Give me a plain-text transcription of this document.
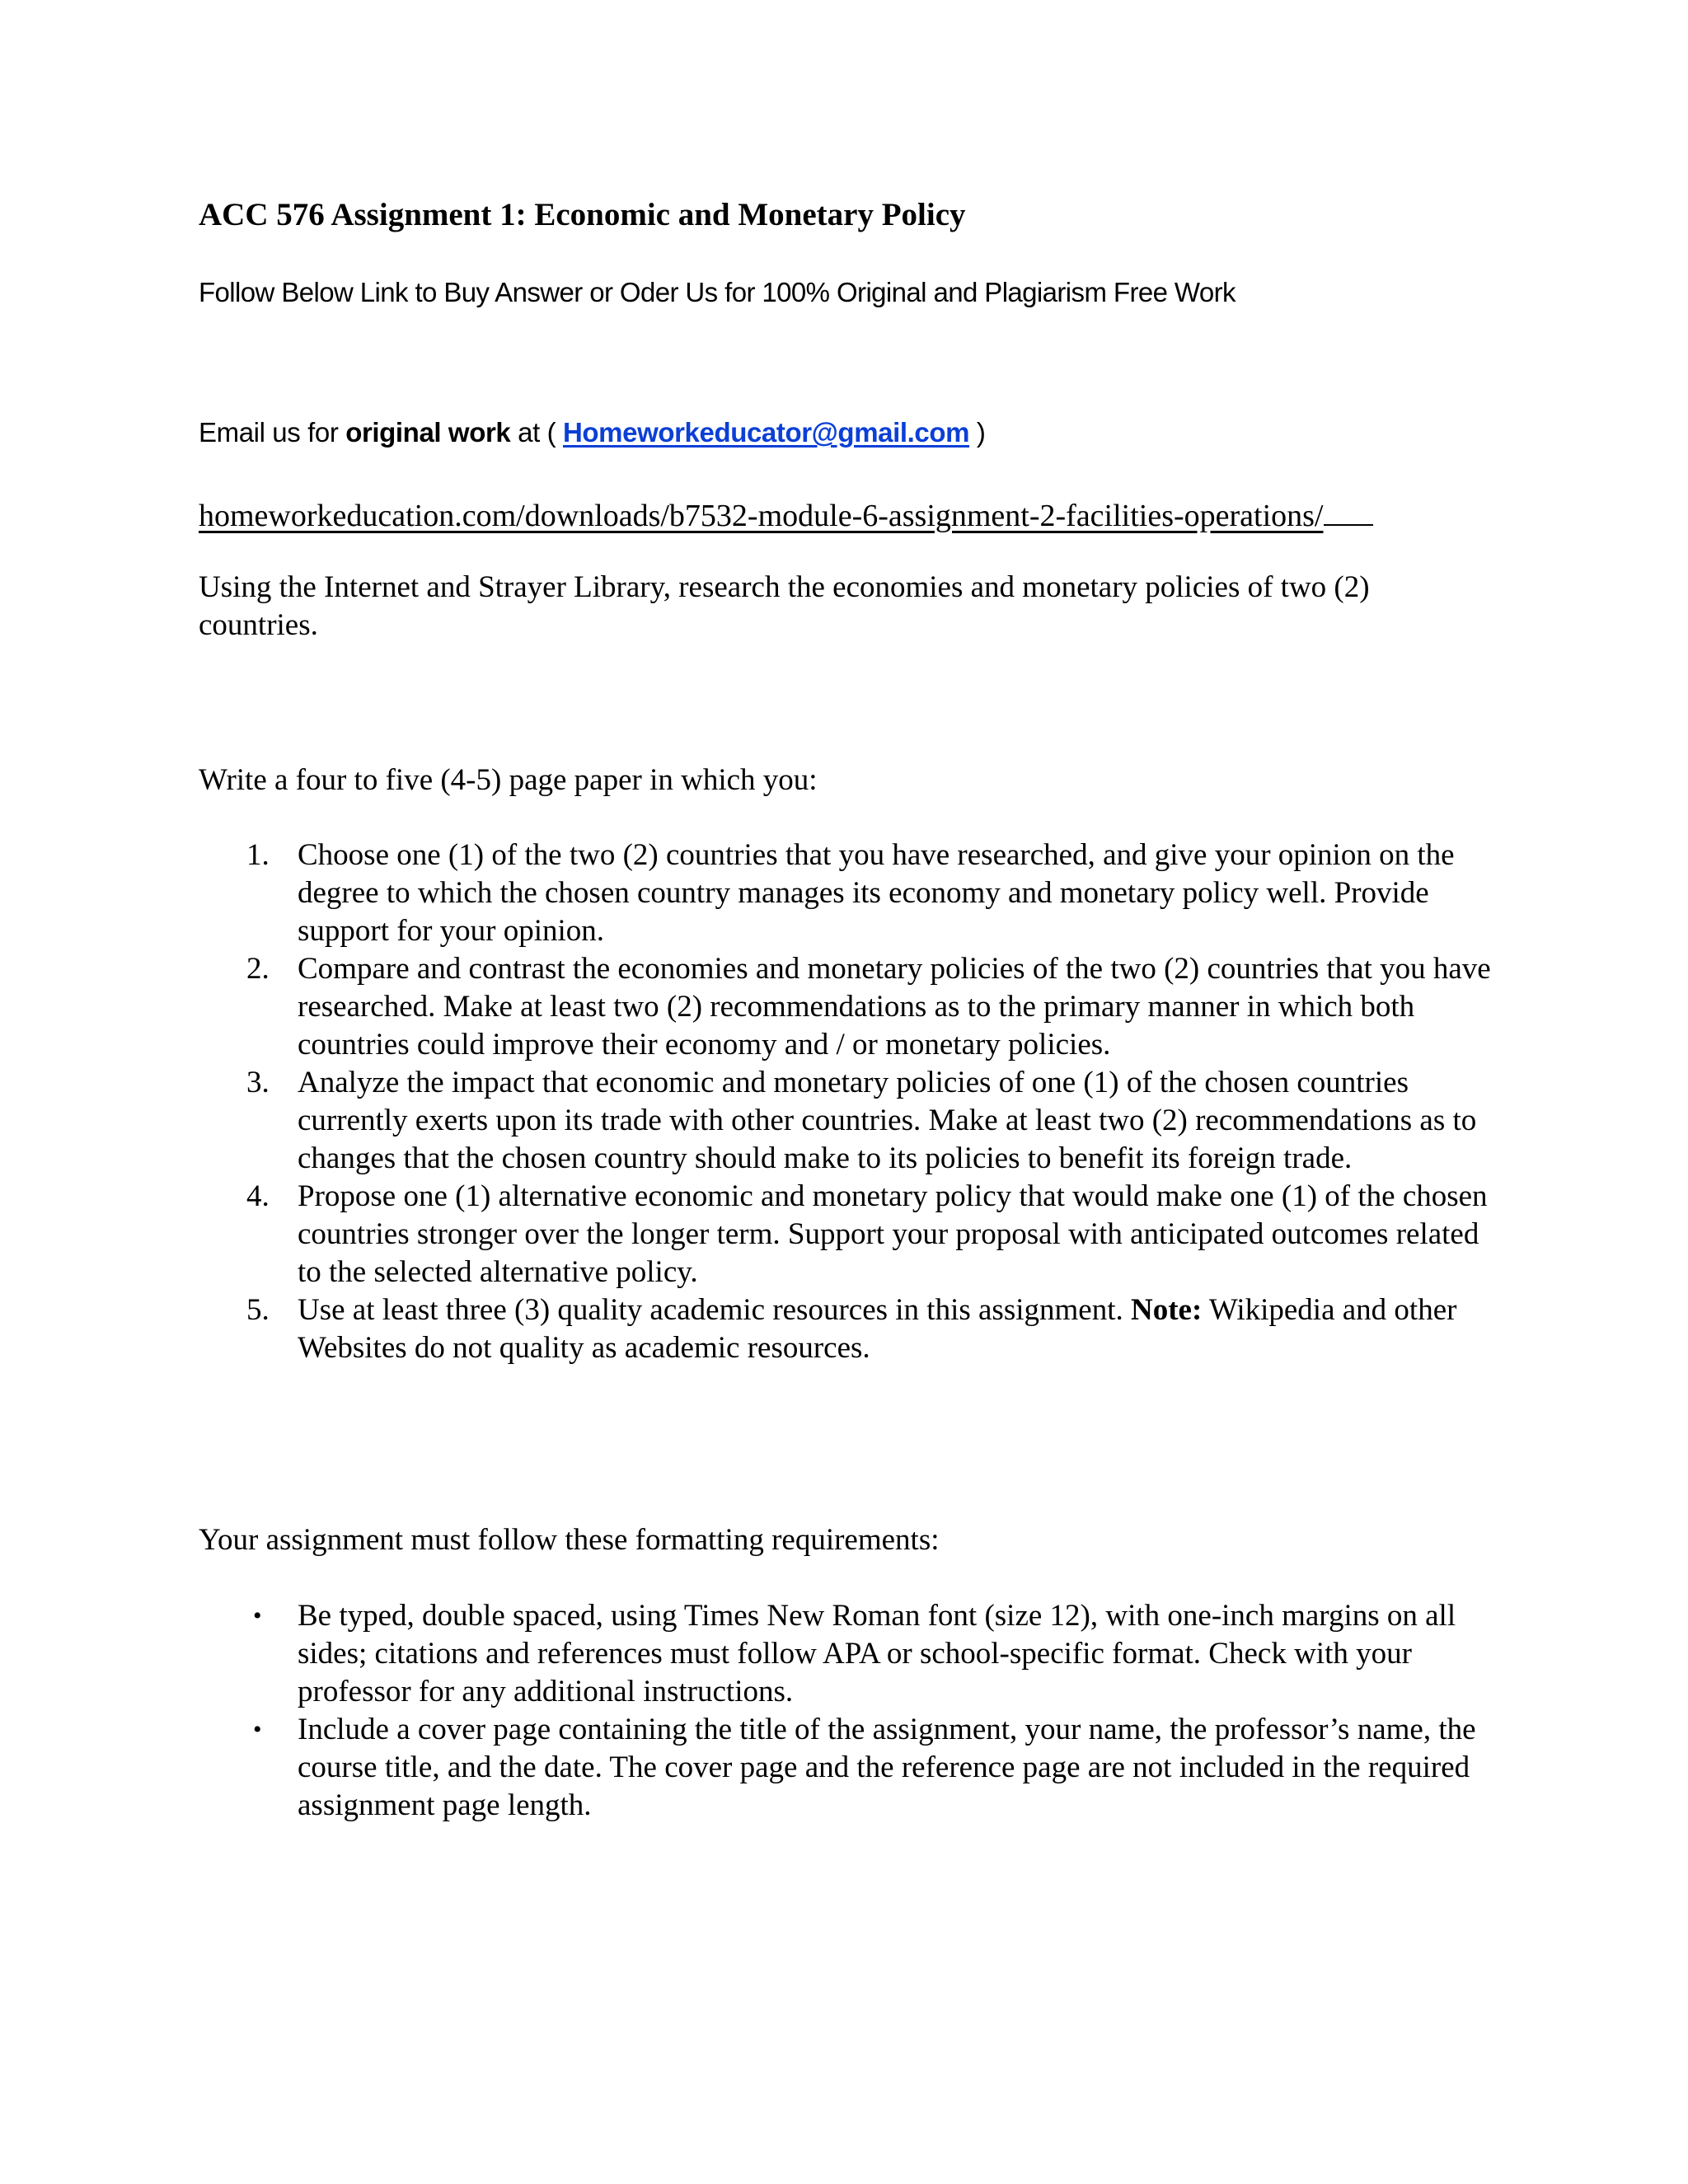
ACC 576 Assignment 1: Economic and Monetary Policy
Follow Below Link to Buy Answer or Oder Us for 100% Original and Plagiarism Free Work
Email us for original work at ( Homeworkeducator@gmail.com )
homeworkeducation.com/downloads/b7532-module-6-assignment-2-facilities-operations/
Using the Internet and Strayer Library, research the economies and monetary policies of two (2) countries.
Write a four to five (4-5) page paper in which you:
1. Choose one (1) of the two (2) countries that you have researched, and give your opinion on the degree to which the chosen country manages its economy and monetary policy well. Provide support for your opinion.
2. Compare and contrast the economies and monetary policies of the two (2) countries that you have researched. Make at least two (2) recommendations as to the primary manner in which both countries could improve their economy and / or monetary policies.
3. Analyze the impact that economic and monetary policies of one (1) of the chosen countries currently exerts upon its trade with other countries. Make at least two (2) recommendations as to changes that the chosen country should make to its policies to benefit its foreign trade.
4. Propose one (1) alternative economic and monetary policy that would make one (1) of the chosen countries stronger over the longer term. Support your proposal with anticipated outcomes related to the selected alternative policy.
5. Use at least three (3) quality academic resources in this assignment. Note: Wikipedia and other Websites do not quality as academic resources.
Your assignment must follow these formatting requirements:
• Be typed, double spaced, using Times New Roman font (size 12), with one-inch margins on all sides; citations and references must follow APA or school-specific format. Check with your professor for any additional instructions.
• Include a cover page containing the title of the assignment, your name, the professor’s name, the course title, and the date. The cover page and the reference page are not included in the required assignment page length.
